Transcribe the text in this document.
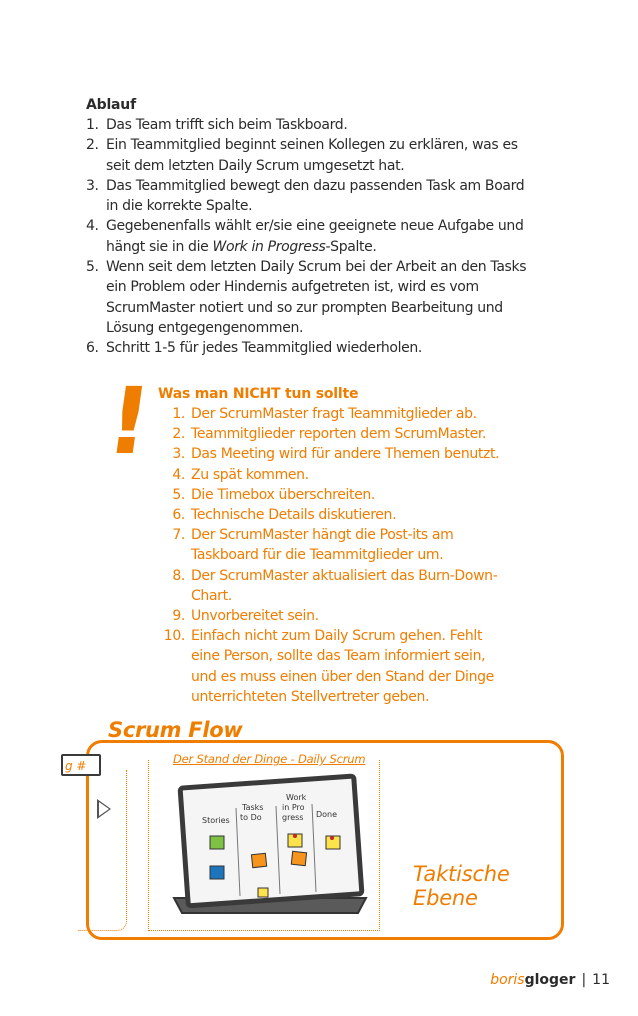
Ablauf
1. Das Team trifft sich beim Taskboard.
2. Ein Teammitglied beginnt seinen Kollegen zu erklären, was es
seit dem letzten Daily Scrum umgesetzt hat.
3. Das Teammitglied bewegt den dazu passenden Task am Board
in die korrekte Spalte.
4. Gegebenenfalls wählt er/sie eine geeignete neue Aufgabe und
hängt sie in die Work in Progress-Spalte.
5. Wenn seit dem letzten Daily Scrum bei der Arbeit an den Tasks
ein Problem oder Hindernis aufgetreten ist, wird es vom
ScrumMaster notiert und so zur prompten Bearbeitung und
Lösung entgegengenommen.
6. Schritt 1-5 für jedes Teammitglied wiederholen.
! Was man NICHT tun sollte
1. Der ScrumMaster fragt Teammitglieder ab.
2. Teammitglieder reporten dem ScrumMaster.
3. Das Meeting wird für andere Themen benutzt.
4. Zu spät kommen.
5. Die Timebox überschreiten.
6. Technische Details diskutieren.
7. Der ScrumMaster hängt die Post-its am
Taskboard für die Teammitglieder um.
8. Der ScrumMaster aktualisiert das Burn-Down-
Chart.
9. Unvorbereitet sein.
10. Einfach nicht zum Daily Scrum gehen. Fehlt
eine Person, sollte das Team informiert sein,
und es muss einen über den Stand der Dinge
unterrichteten Stellvertreter geben.
Scrum Flow
g #	Der Stand der Dinge - Daily Scrum
Stories
Tasks
to Do
Work
in Pro
gress Done
Taktische
Ebene
borisgloger | 11
